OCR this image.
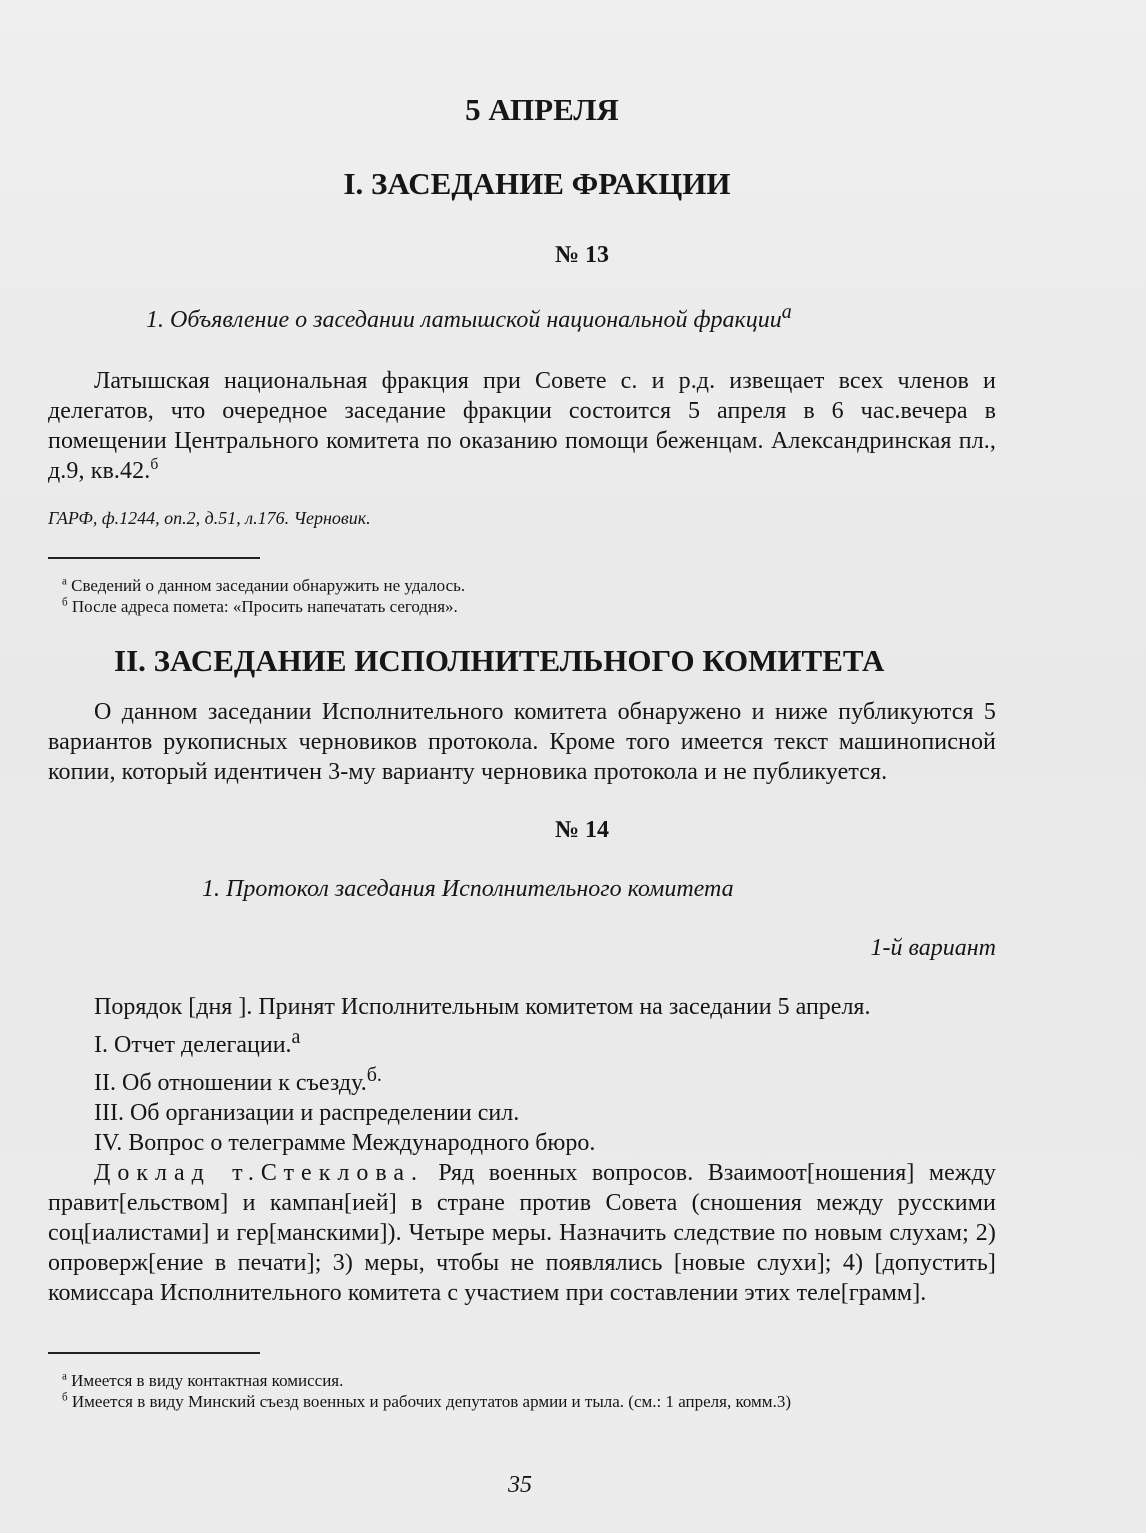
5 АПРЕЛЯ
I. ЗАСЕДАНИЕ ФРАКЦИИ
№ 13
1. Объявление о заседании латышской национальной фракции$^а$

Латышская национальная фракция при Совете с. и р.д. извещает всех членов и делегатов, что очередное заседание фракции состоится 5 апреля в 6 час.вечера в помещении Центрального комитета по оказанию помощи беженцам. Александринская пл., д.9, кв.42.$^б$

ГАРФ, ф.1244, оп.2, д.51, л.176. Черновик.

$^а$ Сведений о данном заседании обнаружить не удалось.

$^б$ После адреса помета: «Просить напечатать сегодня».

II. ЗАСЕДАНИЕ ИСПОЛНИТЕЛЬНОГО КОМИТЕТА

О данном заседании Исполнительного комитета обнаружено и ниже публикуются 5 вариантов рукописных черновиков протокола. Кроме того имеется текст машинописной копии, который идентичен 3-му варианту черновика протокола и не публикуется.

№ 14
1. Протокол заседания Исполнительного комитета
1-й вариант

Порядок [дня ]. Принят Исполнительным комитетом на заседании 5 апреля.

I. Отчет делегации.$^а$

II. Об отношении к съезду.$^{б.}$

III. Об организации и распределении сил.

IV. Вопрос о телеграмме Международного бюро.

Доклад т.Стеклова. Ряд военных вопросов. Взаимоот[ношения] между правит[ельством] и кампан[ией] в стране против Совета (сношения между русскими соц[иалистами] и гер[манскими]). Четыре меры. Назначить следствие по новым слухам; 2) опроверж[ение в печати]; 3) меры, чтобы не появлялись [новые слухи]; 4) [допустить] комиссара Исполнительного комитета с участием при составлении этих теле[грамм].

$^а$ Имеется в виду контактная комиссия.

$^б$ Имеется в виду Минский съезд военных и рабочих депутатов армии и тыла. (см.: 1 апреля, комм.3)

35
